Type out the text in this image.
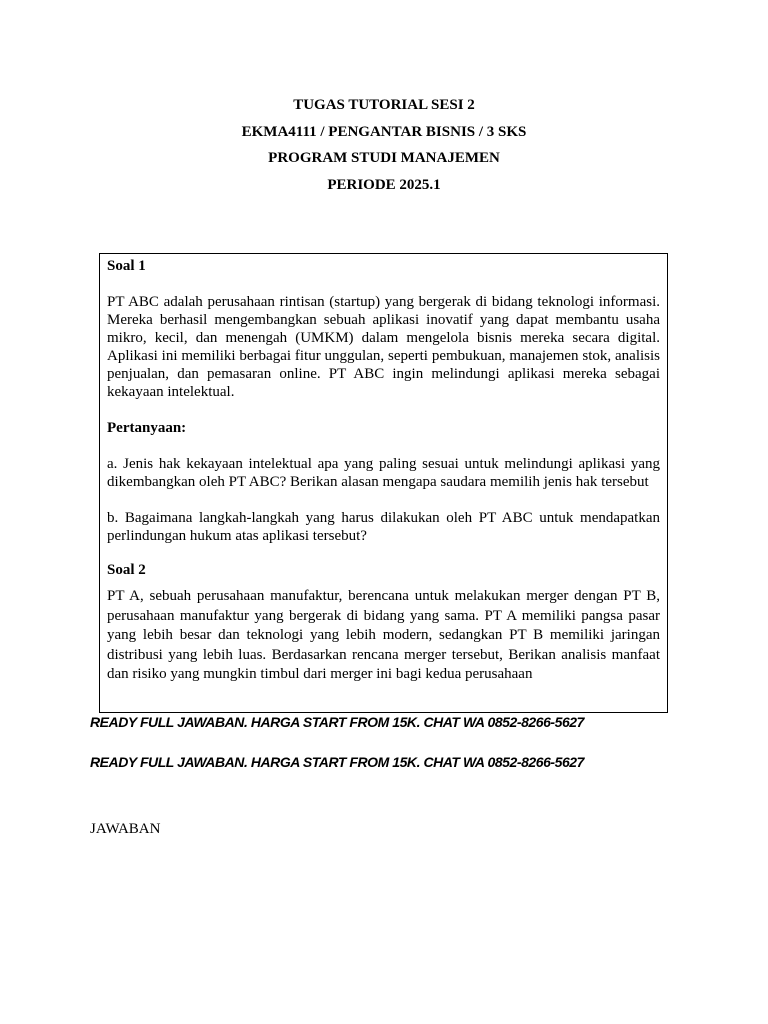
TUGAS TUTORIAL SESI 2
EKMA4111 / PENGANTAR BISNIS / 3 SKS
PROGRAM STUDI MANAJEMEN
PERIODE 2025.1

Soal 1

PT ABC adalah perusahaan rintisan (startup) yang bergerak di bidang teknologi informasi. Mereka berhasil mengembangkan sebuah aplikasi inovatif yang dapat membantu usaha mikro, kecil, dan menengah (UMKM) dalam mengelola bisnis mereka secara digital. Aplikasi ini memiliki berbagai fitur unggulan, seperti pembukuan, manajemen stok, analisis penjualan, dan pemasaran online. PT ABC ingin melindungi aplikasi mereka sebagai kekayaan intelektual.

Pertanyaan:

a. Jenis hak kekayaan intelektual apa yang paling sesuai untuk melindungi aplikasi yang dikembangkan oleh PT ABC? Berikan alasan mengapa saudara memilih jenis hak tersebut

b. Bagaimana langkah-langkah yang harus dilakukan oleh PT ABC untuk mendapatkan perlindungan hukum atas aplikasi tersebut?

Soal 2

PT A, sebuah perusahaan manufaktur, berencana untuk melakukan merger dengan PT B, perusahaan manufaktur yang bergerak di bidang yang sama. PT A memiliki pangsa pasar yang lebih besar dan teknologi yang lebih modern, sedangkan PT B memiliki jaringan distribusi yang lebih luas. Berdasarkan rencana merger tersebut, Berikan analisis manfaat dan risiko yang mungkin timbul dari merger ini bagi kedua perusahaan

READY FULL JAWABAN. HARGA START FROM 15K. CHAT WA 0852-8266-5627
READY FULL JAWABAN. HARGA START FROM 15K. CHAT WA 0852-8266-5627
JAWABAN
